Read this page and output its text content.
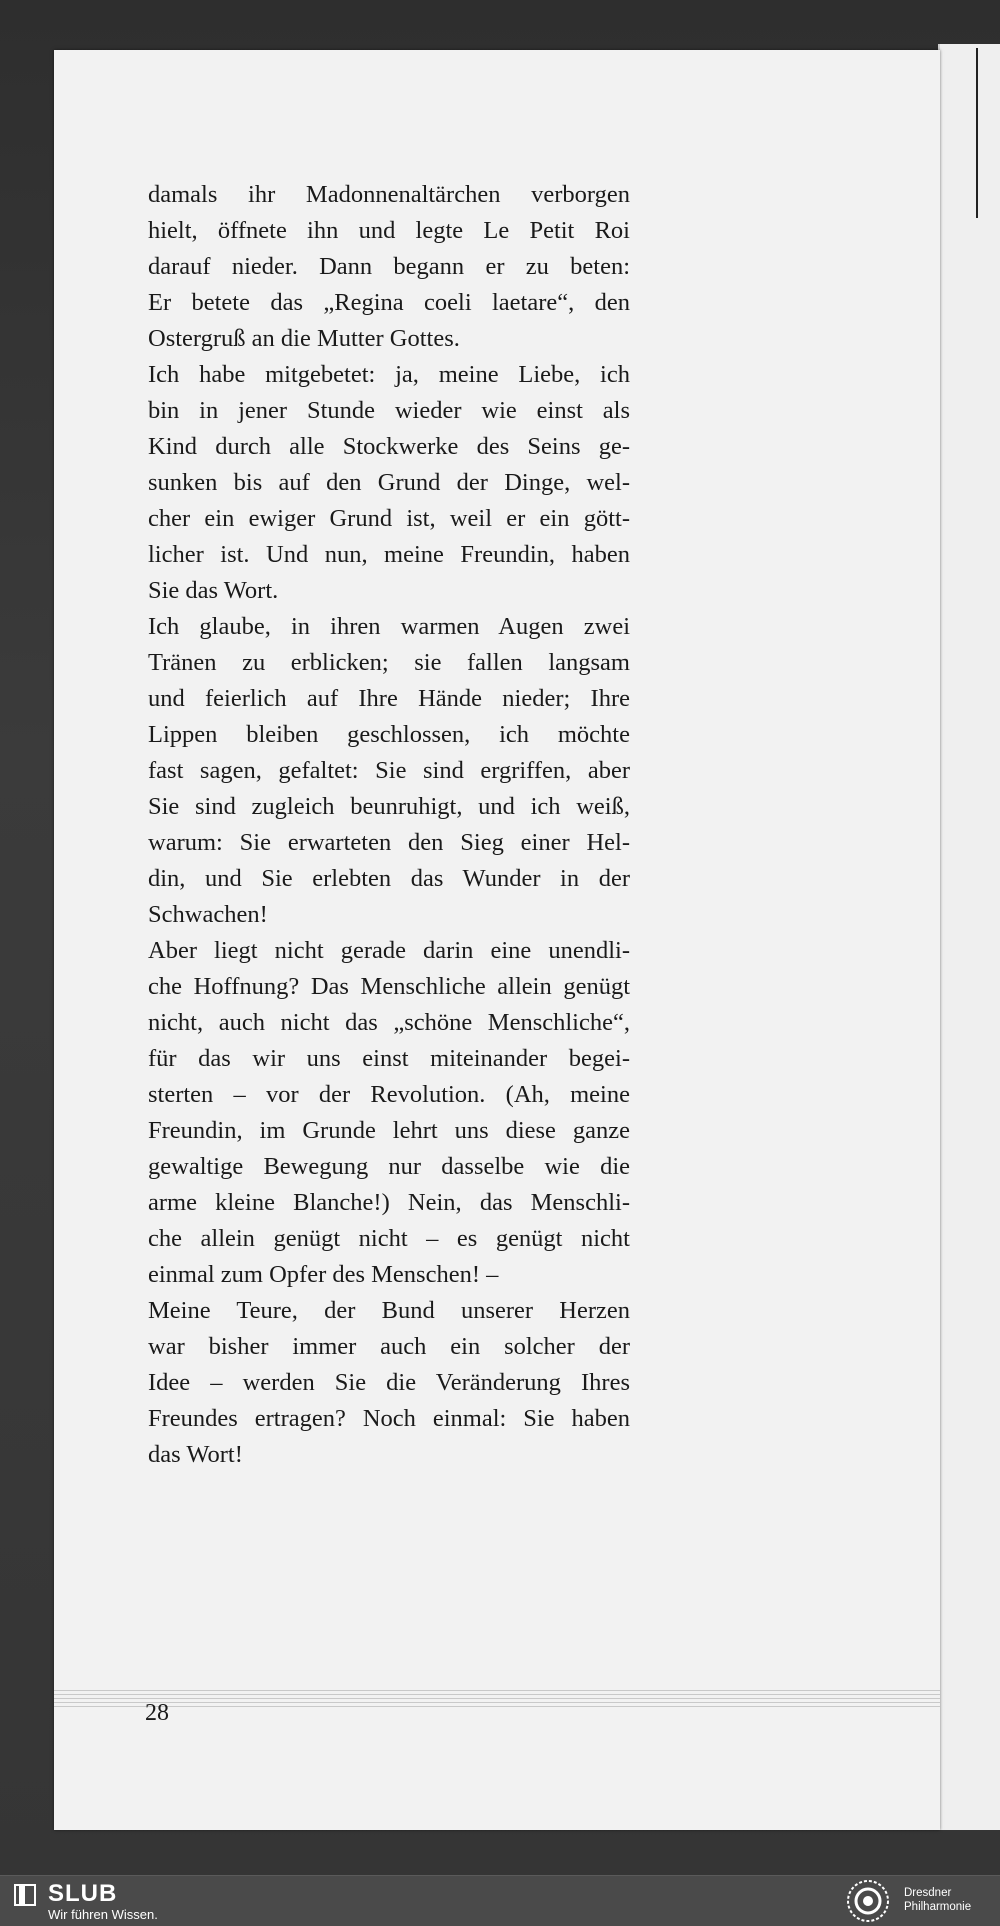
damals ihr Madonnenaltärchen verborgen
hielt, öffnete ihn und legte Le Petit Roi
darauf nieder. Dann begann er zu beten:
Er betete das „Regina coeli laetare“, den
Ostergruß an die Mutter Gottes.
Ich habe mitgebetet: ja, meine Liebe, ich
bin in jener Stunde wieder wie einst als
Kind durch alle Stockwerke des Seins ge-
sunken bis auf den Grund der Dinge, wel-
cher ein ewiger Grund ist, weil er ein gött-
licher ist. Und nun, meine Freundin, haben
Sie das Wort.
Ich glaube, in ihren warmen Augen zwei
Tränen zu erblicken; sie fallen langsam
und feierlich auf Ihre Hände nieder; Ihre
Lippen bleiben geschlossen, ich möchte
fast sagen, gefaltet: Sie sind ergriffen, aber
Sie sind zugleich beunruhigt, und ich weiß,
warum: Sie erwarteten den Sieg einer Hel-
din, und Sie erlebten das Wunder in der
Schwachen!
Aber liegt nicht gerade darin eine unendli-
che Hoffnung? Das Menschliche allein genügt
nicht, auch nicht das „schöne Menschliche“,
für das wir uns einst miteinander begei-
sterten – vor der Revolution. (Ah, meine
Freundin, im Grunde lehrt uns diese ganze
gewaltige Bewegung nur dasselbe wie die
arme kleine Blanche!) Nein, das Menschli-
che allein genügt nicht – es genügt nicht
einmal zum Opfer des Menschen! –
Meine Teure, der Bund unserer Herzen
war bisher immer auch ein solcher der
Idee – werden Sie die Veränderung Ihres
Freundes ertragen? Noch einmal: Sie haben
das Wort!
28
SLUB
Wir führen Wissen.
Dresdner
Philharmonie
